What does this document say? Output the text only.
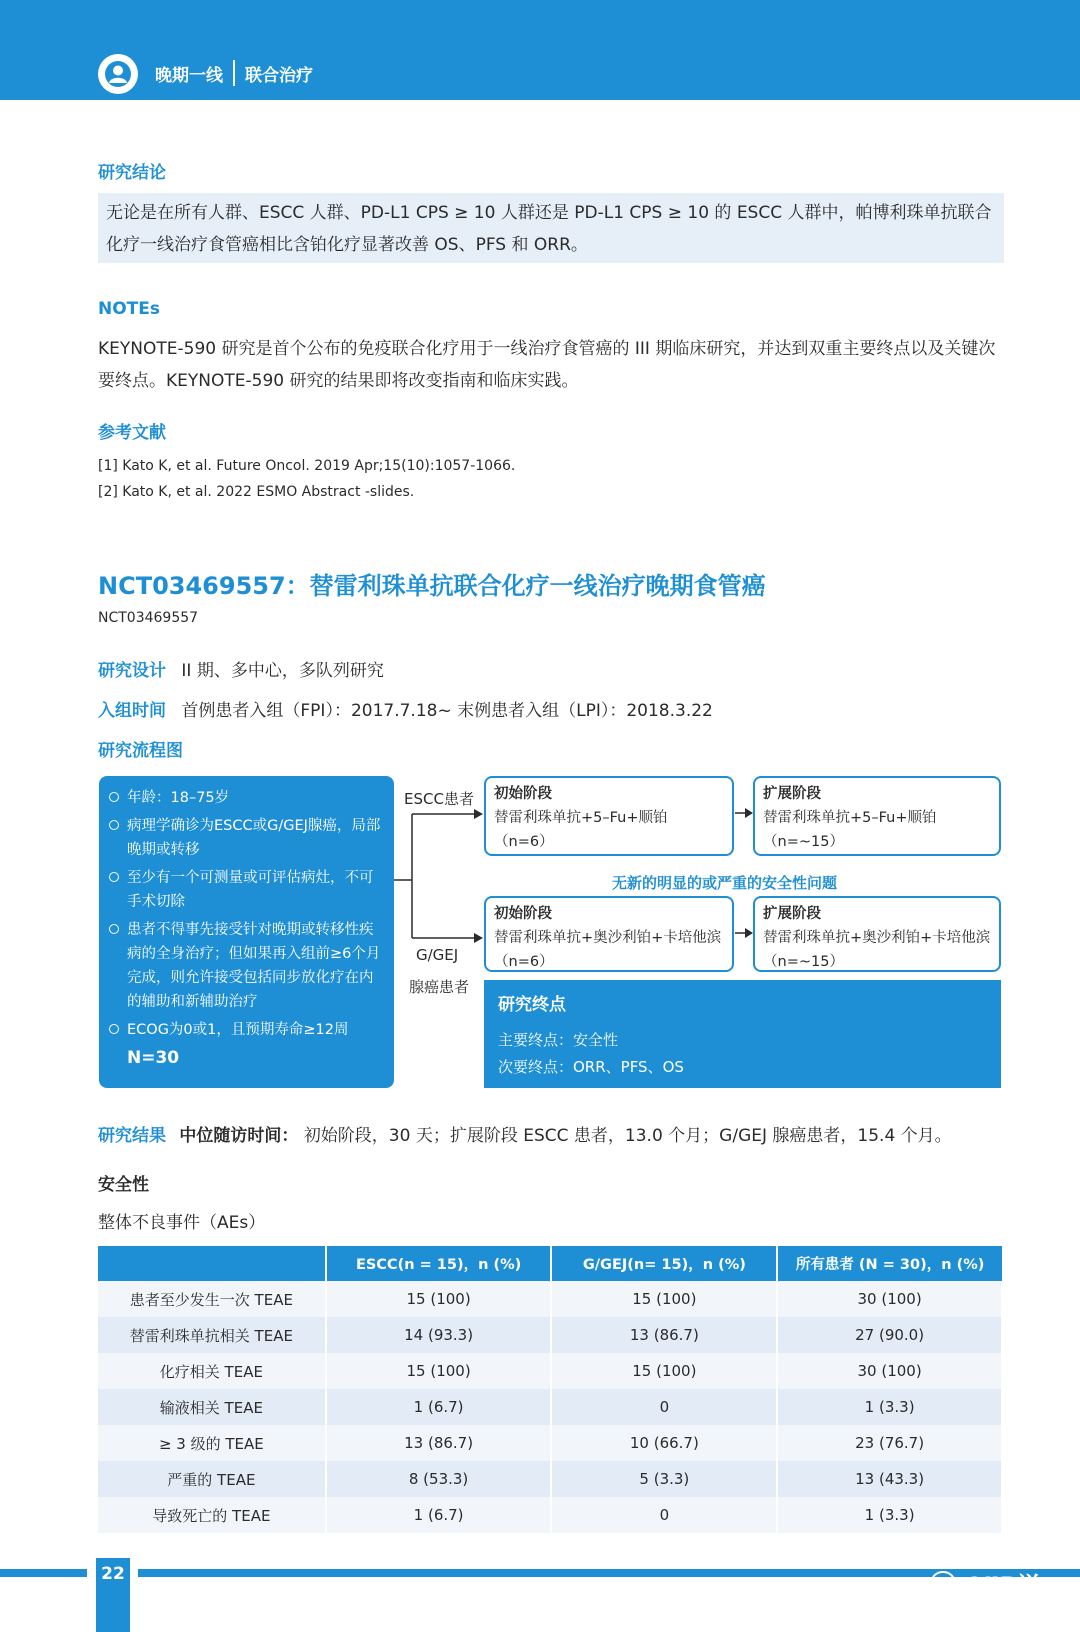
晚期一线 联合治疗
研究结论

无论是在所有人群、ESCC 人群、PD-L1 CPS ≥ 10 人群还是 PD-L1 CPS ≥ 10 的 ESCC 人群中，帕博利珠单抗联合化疗一线治疗食管癌相比含铂化疗显著改善 OS、PFS 和 ORR。

NOTEs
KEYNOTE-590 研究是首个公布的免疫联合化疗用于一线治疗食管癌的 III 期临床研究，并达到双重主要终点以及关键次要终点。KEYNOTE-590 研究的结果即将改变指南和临床实践。
参考文献
[1] Kato K, et al. Future Oncol. 2019 Apr;15(10):1057-1066.
[2] Kato K, et al. 2022 ESMO Abstract -slides.
NCT03469557：替雷利珠单抗联合化疗一线治疗晚期食管癌
NCT03469557
研究设计 II 期、多中心，多队列研究
入组时间 首例患者入组（FPI）：2017.7.18~ 末例患者入组（LPI）：2018.3.22
研究流程图
年龄：18–75岁
病理学确诊为ESCC或G/GEJ腺癌，局部晚期或转移
至少有一个可测量或可评估病灶，不可手术切除
患者不得事先接受针对晚期或转移性疾病的全身治疗；但如果再入组前≥6个月完成，则允许接受包括同步放化疗在内的辅助和新辅助治疗
ECOG为0或1，且预期寿命≥12周
N=30
ESCC患者
G/GEJ
腺癌患者
初始阶段
替雷利珠单抗+5–Fu+顺铂
（n=6）
扩展阶段
替雷利珠单抗+5–Fu+顺铂
（n=~15）
无新的明显的或严重的安全性问题
初始阶段
替雷利珠单抗+奥沙利铂+卡培他滨
（n=6）
扩展阶段
替雷利珠单抗+奥沙利铂+卡培他滨
（n=~15）
研究终点
主要终点：安全性
次要终点：ORR、PFS、OS
研究结果 中位随访时间： 初始阶段，30 天；扩展阶段 ESCC 患者，13.0 个月；G/GEJ 腺癌患者，15.4 个月。
安全性
整体不良事件（AEs）
	ESCC(n = 15)，n (%)	G/GEJ(n= 15)，n (%)	所有患者 (N = 30)，n (%)
患者至少发生一次 TEAE	15 (100)	15 (100)	30 (100)
替雷利珠单抗相关 TEAE	14 (93.3)	13 (86.7)	27 (90.0)
化疗相关 TEAE	15 (100)	15 (100)	30 (100)
输液相关 TEAE	1 (6.7)	0	1 (3.3)
≥ 3 级的 TEAE	13 (86.7)	10 (66.7)	23 (76.7)
严重的 TEAE	8 (53.3)	5 (3.3)	13 (43.3)
导致死亡的 TEAE	1 (6.7)	0	1 (3.3)
22	VIP说
